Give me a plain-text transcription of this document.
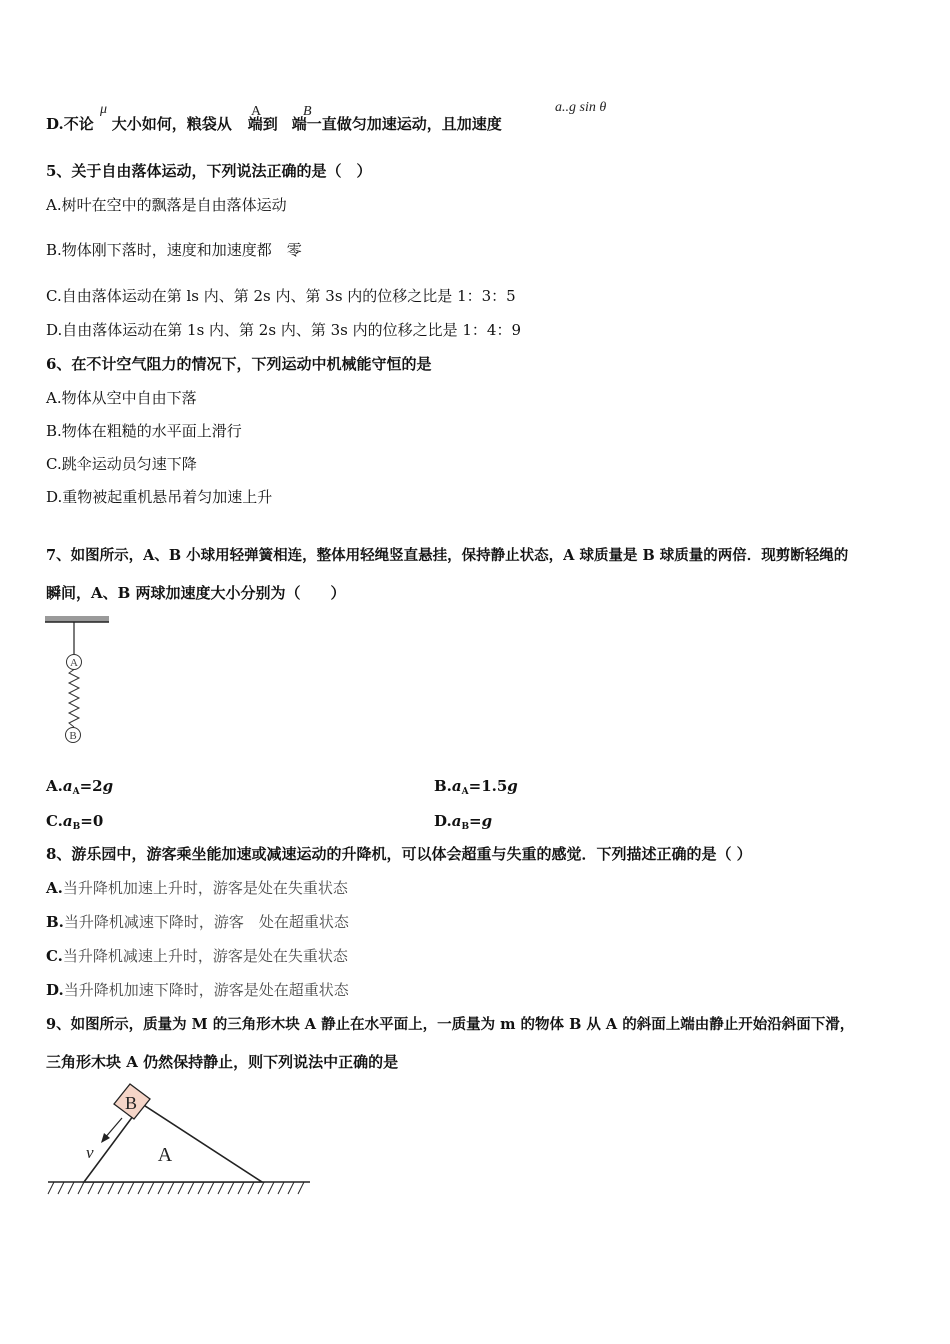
D.不论 大小如何，粮袋从 端到 端一直做匀加速运动，且加速度
μ	A	B	a..g sin θ
5、关于自由落体运动，下列说法正确的是（　）
A.树叶在空中的飘落是自由落体运动
B.物体刚下落时，速度和加速度都　零
C.自由落体运动在第 ls 内、第 2s 内、第 3s 内的位移之比是 1：3：5
D.自由落体运动在第 1s 内、第 2s 内、第 3s 内的位移之比是 1：4：9
6、在不计空气阻力的情况下，下列运动中机械能守恒的是
A.物体从空中自由下落
B.物体在粗糙的水平面上滑行
C.跳伞运动员匀速下降
D.重物被起重机悬吊着匀加速上升
7、如图所示，A、B 小球用轻弹簧相连，整体用轻绳竖直悬挂，保持静止状态，A 球质量是 B 球质量的两倍．现剪断轻绳的
瞬间，A、B 两球加速度大小分别为（　　）
A
B
$A.a_A=2g$	$B.a_A=1.5g$
$C.a_B=0$	$D.a_B=g$
8、游乐园中，游客乘坐能加速或减速运动的升降机，可以体会超重与失重的感觉．下列描述正确的是（ ）
A.当升降机加速上升时，游客是处在失重状态
B.当升降机减速下降时，游客　处在超重状态
C.当升降机减速上升时，游客是处在失重状态
D.当升降机加速下降时，游客是处在超重状态
9、如图所示，质量为 M 的三角形木块 A 静止在水平面上，一质量为 m 的物体 B 从 A 的斜面上端由静止开始沿斜面下滑，
三角形木块 A 仍然保持静止，则下列说法中正确的是
A
B
v
